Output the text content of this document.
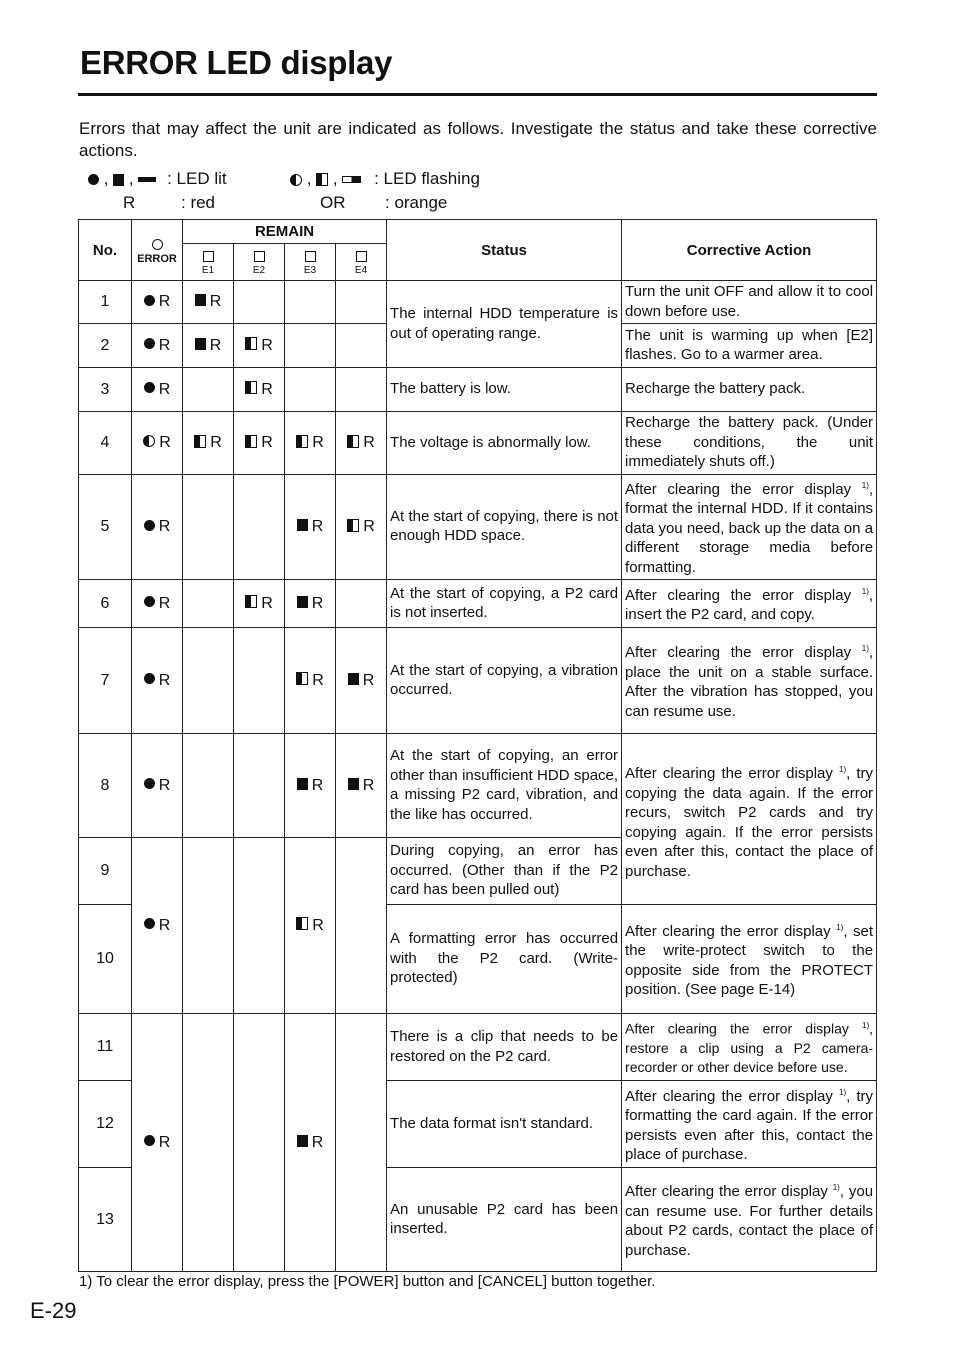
ERROR LED display
Errors that may affect the unit are indicated as follows. Investigate the status and take these corrective actions.
,  ,  : LED lit	,  ,  : LED flashing
R	: red	OR : orange
No.	ERROR	REMAIN				Status	Corrective Action

		E1	E2	E3	E4		

1	R	R				The internal HDD temperature is out of operating range.	Turn the unit OFF and allow it to cool down before use.
2	R	R	R				The unit is warming up when [E2] flashes. Go to a warmer area.
3	R		R			The battery is low.	Recharge the battery pack.
4	R	R	R	R	R	The voltage is abnormally low.	Recharge the battery pack. (Under these conditions, the unit immediately shuts off.)
5	R			R	R	At the start of copying, there is not enough HDD space.	After clearing the error display $^{1)}$, format the internal HDD. If it contains data you need, back up the data on a different storage media before formatting.
6	R		R	R		At the start of copying, a P2 card is not inserted.	After clearing the error display $^{1)}$, insert the P2 card, and copy.
7	R			R	R	At the start of copying, a vibration occurred.	After clearing the error display $^{1)}$, place the unit on a stable surface. After the vibration has stopped, you can resume use.
8	R			R	R	At the start of copying, an error other than insufficient HDD space, a missing P2 card, vibration, and the like has occurred.	After clearing the error display $^{1)}$, try copying the data again. If the error recurs, switch P2 cards and try copying again. If the error persists even after this, contact the place of purchase.
9	R			R		During copying, an error has occurred. (Other than if the P2 card has been pulled out)	
10						A formatting error has occurred with the P2 card. (Write-protected)	After clearing the error display $^{1)}$, set the write-protect switch to the opposite side from the PROTECT position. (See page E-14)
11	R			R		There is a clip that needs to be restored on the P2 card.	After clearing the error display $^{1)}$, restore a clip using a P2 camera-recorder or other device before use.
12						The data format isn't standard.	After clearing the error display $^{1)}$, try formatting the card again. If the error persists even after this, contact the place of purchase.
13						An unusable P2 card has been inserted.	After clearing the error display $^{1)}$, you can resume use. For further details about P2 cards, contact the place of purchase.
1) To clear the error display, press the [POWER] button and [CANCEL] button together.
E-29
